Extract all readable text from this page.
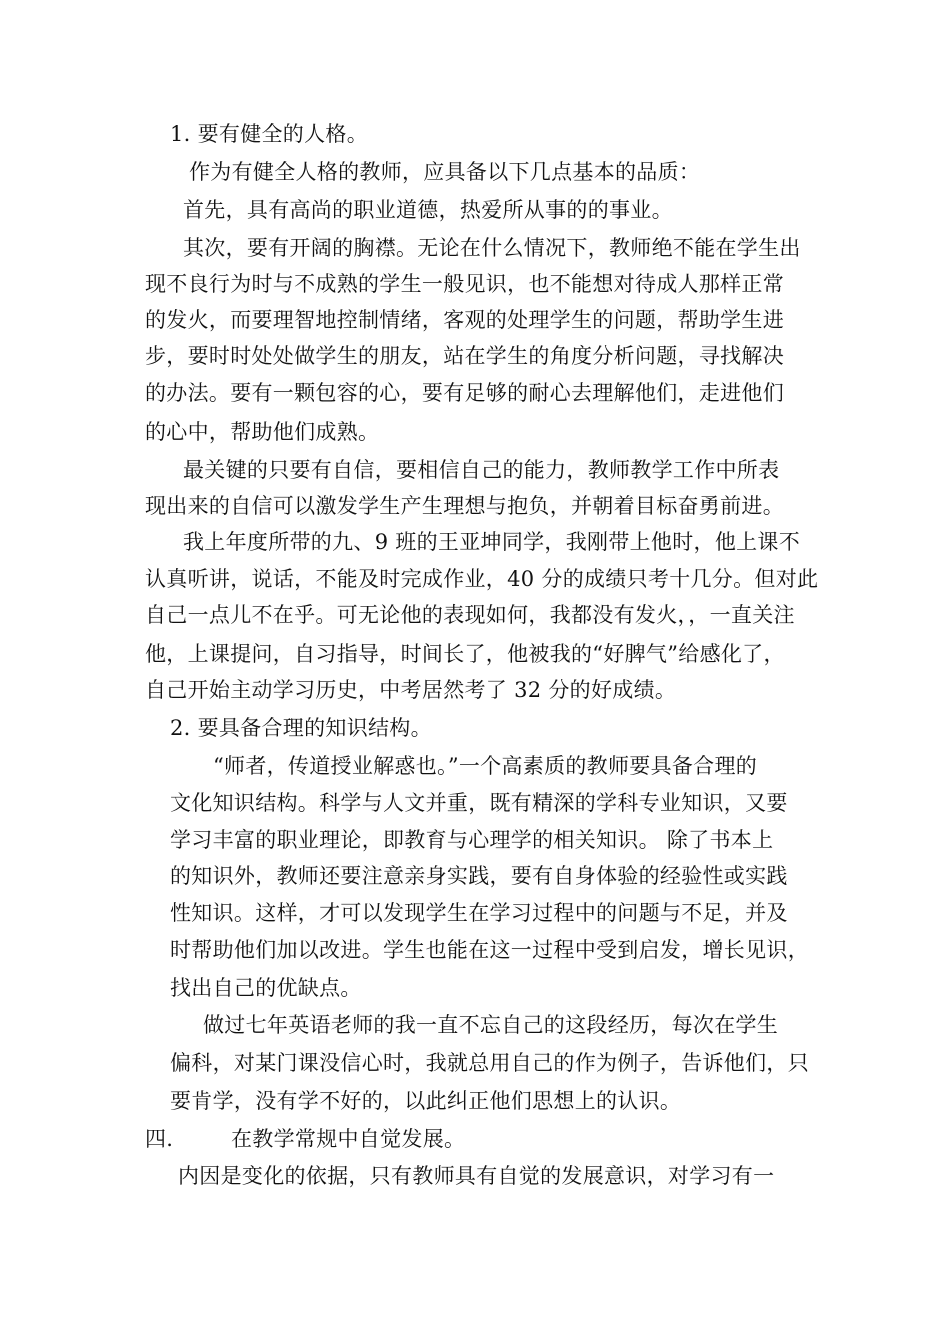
1. 要有健全的人格。
作为有健全人格的教师，应具备以下几点基本的品质：
首先，具有高尚的职业道德，热爱所从事的的事业。
其次，要有开阔的胸襟。无论在什么情况下，教师绝不能在学生出
现不良行为时与不成熟的学生一般见识，也不能想对待成人那样正常
的发火，而要理智地控制情绪，客观的处理学生的问题，帮助学生进
步，要时时处处做学生的朋友，站在学生的角度分析问题，寻找解决
的办法。要有一颗包容的心，要有足够的耐心去理解他们，走进他们
的心中，帮助他们成熟。
最关键的只要有自信，要相信自己的能力，教师教学工作中所表
现出来的自信可以激发学生产生理想与抱负，并朝着目标奋勇前进。
我上年度所带的九、9 班的王亚坤同学，我刚带上他时，他上课不
认真听讲，说话，不能及时完成作业，40 分的成绩只考十几分。但对此
自己一点儿不在乎。可无论他的表现如何，我都没有发火，，一直关注
他，上课提问，自习指导，时间长了，他被我的“好脾气”给感化了，
自己开始主动学习历史，中考居然考了 32 分的好成绩。
2. 要具备合理的知识结构。
“师者，传道授业解惑也。”一个高素质的教师要具备合理的
文化知识结构。科学与人文并重，既有精深的学科专业知识，又要
学习丰富的职业理论，即教育与心理学的相关知识。 除了书本上
的知识外，教师还要注意亲身实践，要有自身体验的经验性或实践
性知识。这样，才可以发现学生在学习过程中的问题与不足，并及
时帮助他们加以改进。学生也能在这一过程中受到启发，增长见识，
找出自己的优缺点。
做过七年英语老师的我一直不忘自己的这段经历，每次在学生
偏科，对某门课没信心时，我就总用自己的作为例子，告诉他们，只
要肯学，没有学不好的，以此纠正他们思想上的认识。
四.	在教学常规中自觉发展。
内因是变化的依据，只有教师具有自觉的发展意识，对学习有一
